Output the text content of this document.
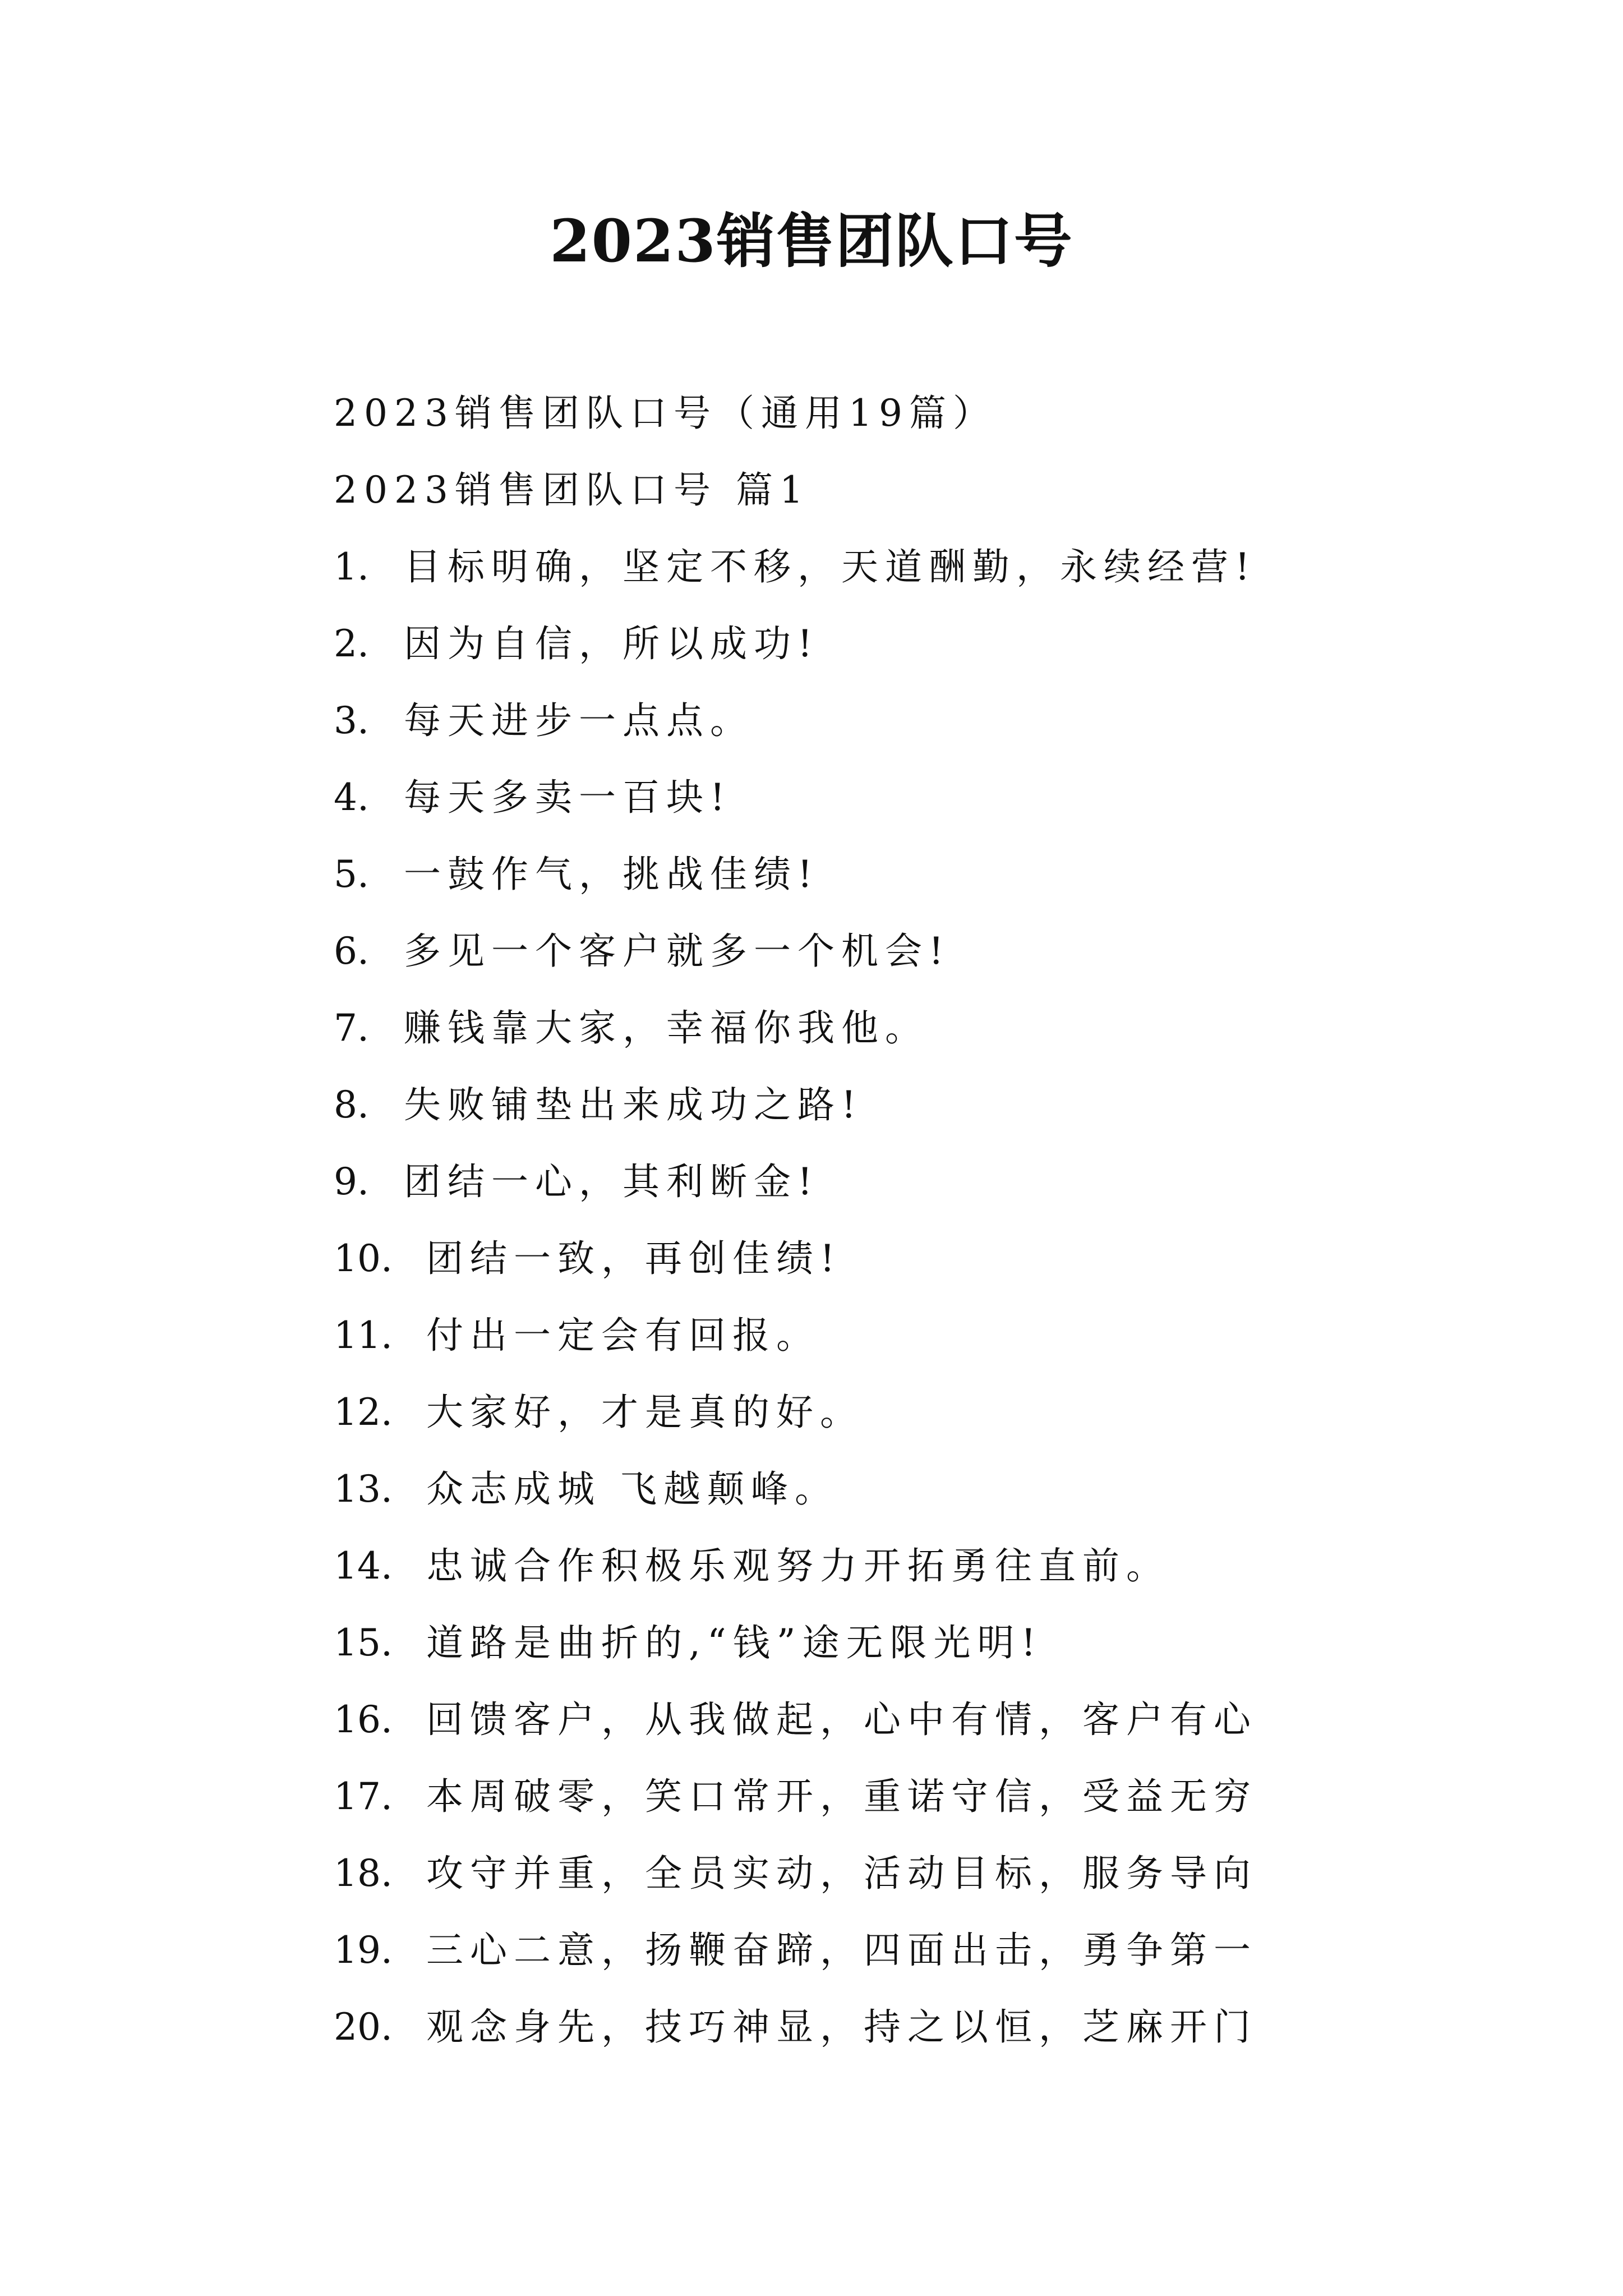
2023销售团队口号
2023销售团队口号（通用19篇）
2023销售团队口号 篇1
1. 目标明确，坚定不移，天道酬勤，永续经营!
2. 因为自信，所以成功!
3. 每天进步一点点。
4. 每天多卖一百块!
5. 一鼓作气，挑战佳绩!
6. 多见一个客户就多一个机会!
7. 赚钱靠大家，幸福你我他。
8. 失败铺垫出来成功之路!
9. 团结一心，其利断金!
10. 团结一致，再创佳绩!
11. 付出一定会有回报。
12. 大家好，才是真的好。
13. 众志成城 飞越颠峰。
14. 忠诚合作积极乐观努力开拓勇往直前。
15. 道路是曲折的,“钱”途无限光明!
16. 回馈客户，从我做起，心中有情，客户有心
17. 本周破零，笑口常开，重诺守信，受益无穷
18. 攻守并重，全员实动，活动目标，服务导向
19. 三心二意，扬鞭奋蹄，四面出击，勇争第一
20. 观念身先，技巧神显，持之以恒，芝麻开门
